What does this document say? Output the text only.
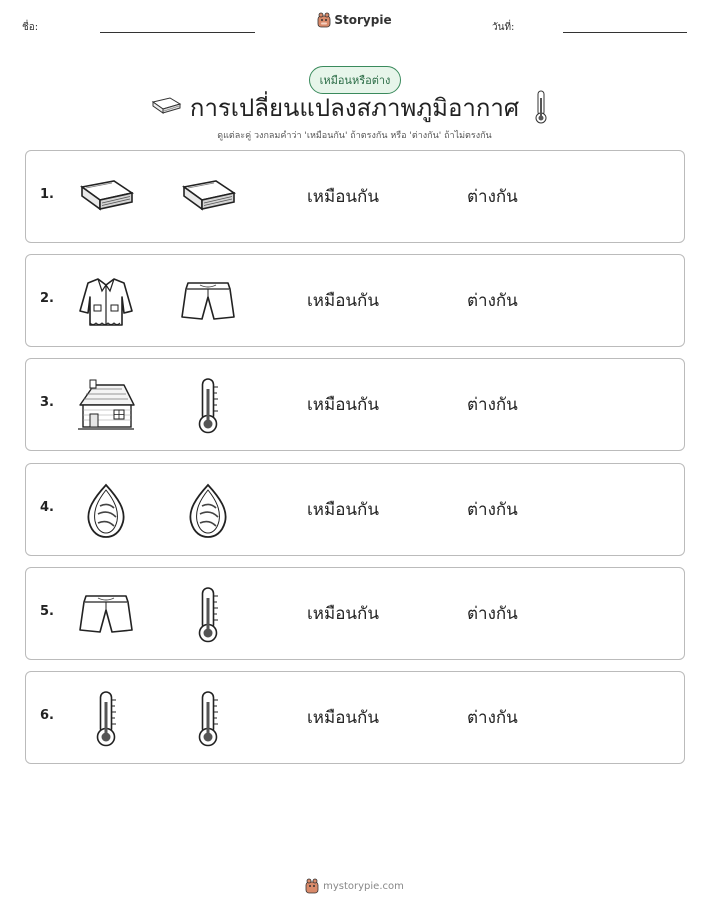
ชื่อ:
Storypie
วันที่:
เหมือนหรือต่าง
การเปลี่ยนแปลงสภาพภูมิอากาศ
ดูแต่ละคู่ วงกลมคำว่า 'เหมือนกัน' ถ้าตรงกัน หรือ 'ต่างกัน' ถ้าไม่ตรงกัน
1.	เหมือนกัน	ต่างกัน
2.	เหมือนกัน	ต่างกัน
3.	เหมือนกัน	ต่างกัน
4.	เหมือนกัน	ต่างกัน
5.	เหมือนกัน	ต่างกัน
6.	เหมือนกัน	ต่างกัน
mystorypie.com
